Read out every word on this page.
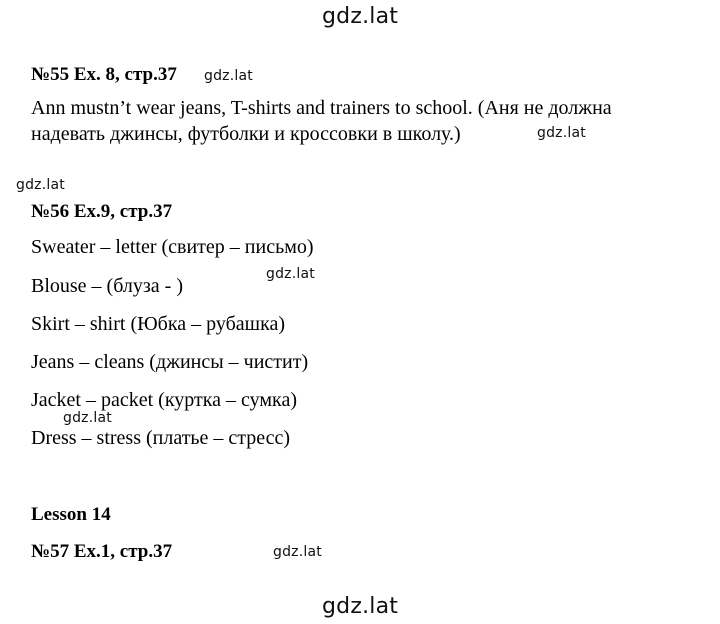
gdz.lat
№55 Ex. 8, стр.37 gdz.lat
Ann mustn’t wear jeans, T-shirts and trainers to school. (Аня не должна
надевать джинсы, футболки и кроссовки в школу.)	gdz.lat
gdz.lat
№56 Ex.9, стр.37
Sweater – letter (свитер – письмо)
gdz.lat
Blouse – (блуза - )
Skirt – shirt (Юбка – рубашка)
Jeans – cleans (джинсы – чистит)
Jacket – packet (куртка – сумка)
gdz.lat
Dress – stress (платье – стресс)
Lesson 14
№57 Ex.1, стр.37	gdz.lat
gdz.lat
